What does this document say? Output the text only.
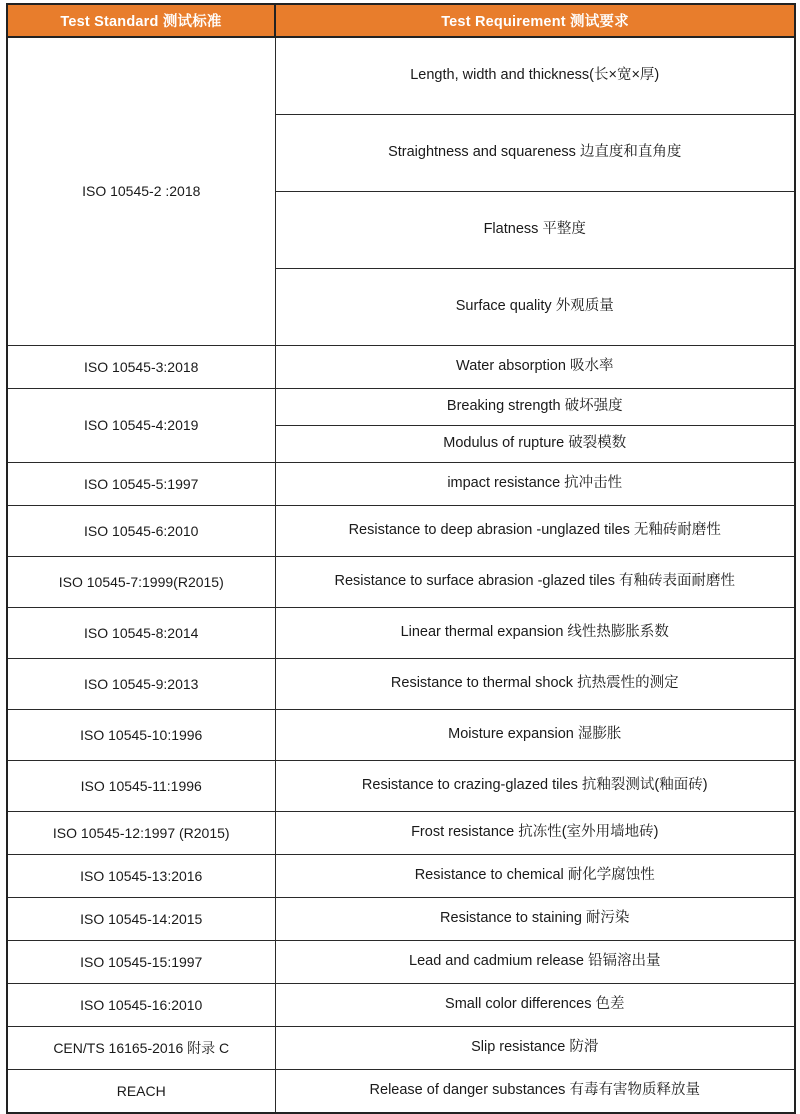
Test Standard 测试标准	Test Requirement 测试要求
ISO 10545-2 :2018	Length, width and thickness(长×宽×厚)
	Straightness and squareness 边直度和直角度
	Flatness 平整度
	Surface quality 外观质量
ISO 10545-3:2018	Water absorption 吸水率
ISO 10545-4:2019	Breaking strength 破坏强度
	Modulus of rupture 破裂模数
ISO 10545-5:1997	impact resistance 抗冲击性
ISO 10545-6:2010	Resistance to deep abrasion -unglazed tiles 无釉砖耐磨性
ISO 10545-7:1999(R2015)	Resistance to surface abrasion -glazed tiles 有釉砖表面耐磨性
ISO 10545-8:2014	Linear thermal expansion 线性热膨胀系数
ISO 10545-9:2013	Resistance to thermal shock 抗热震性的测定
ISO 10545-10:1996	Moisture expansion 湿膨胀
ISO 10545-11:1996	Resistance to crazing-glazed tiles 抗釉裂测试(釉面砖)
ISO 10545-12:1997 (R2015)	Frost resistance 抗冻性(室外用墙地砖)
ISO 10545-13:2016	Resistance to chemical 耐化学腐蚀性
ISO 10545-14:2015	Resistance to staining 耐污染
ISO 10545-15:1997	Lead and cadmium release 铅镉溶出量
ISO 10545-16:2010	Small color differences 色差
CEN/TS 16165-2016 附录 C	Slip resistance 防滑
REACH	Release of danger substances 有毒有害物质释放量
